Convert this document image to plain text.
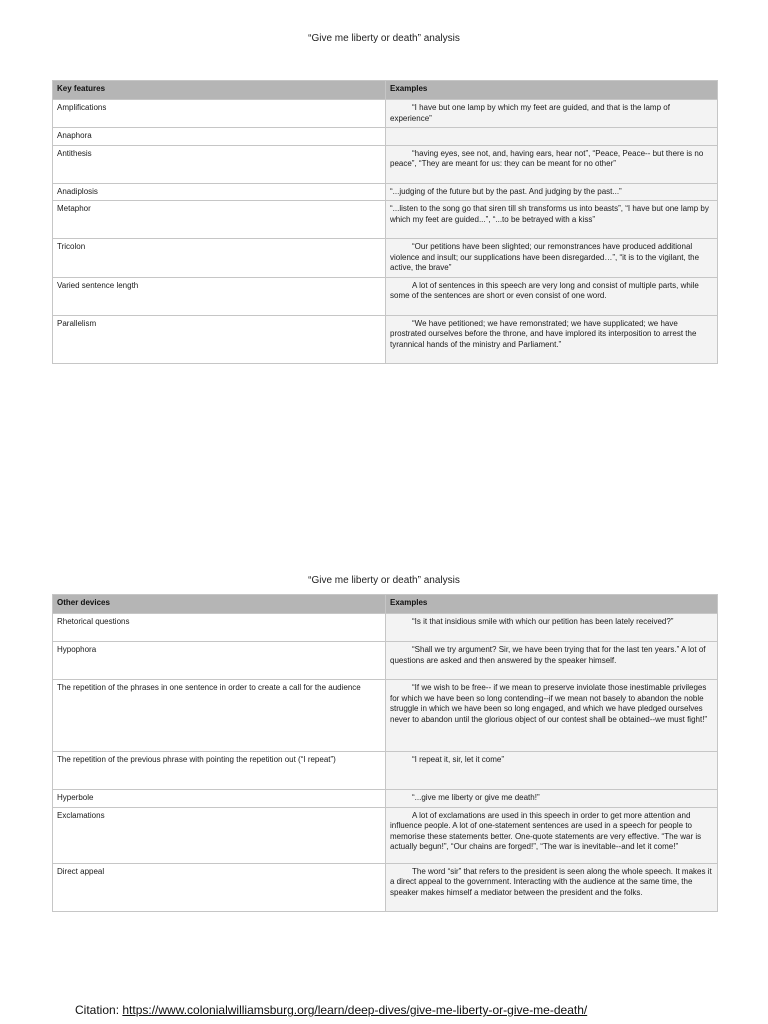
“Give me liberty or death” analysis
Key features	Examples
Amplifications	“I have but one lamp by which my feet are guided, and that is the lamp of experience”

Anaphora	

Antithesis	“having eyes, see not, and, having ears, hear not”, “Peace, Peace-- but there is no peace”, “They are meant for us: they can be meant for no other”

Anadiplosis	“...judging of the future but by the past. And judging by the past...”

Metaphor	“...listen to the song go that siren till sh transforms us into beasts”, “I have but one lamp by which my feet are guided...”, “...to be betrayed with a kiss”

Tricolon	“Our petitions have been slighted; our remonstrances have produced additional violence and insult; our supplications have been disregarded…”, “it is to the vigilant, the active, the brave”

Varied sentence length	A lot of sentences in this speech are very long and consist of multiple parts, while some of the sentences are short or even consist of one word.

Parallelism	“We have petitioned; we have remonstrated; we have supplicated; we have prostrated ourselves before the throne, and have implored its interposition to arrest the tyrannical hands of the ministry and Parliament.”
“Give me liberty or death” analysis
Other devices	Examples
Rhetorical questions	“Is it that insidious smile with which our petition has been lately received?”

Hypophora	“Shall we try argument? Sir, we have been trying that for the last ten years.” A lot of questions are asked and then answered by the speaker himself.

The repetition of the phrases in one sentence in order to create a call for the audience	“If we wish to be free-- if we mean to preserve inviolate those inestimable privileges for which we have been so long contending--if we mean not basely to abandon the noble struggle in which we have been so long engaged, and which we have pledged ourselves never to abandon until the glorious object of our contest shall be obtained--we must fight!”

The repetition of the previous phrase with pointing the repetition out (“I repeat”)	“I repeat it, sir, let it come”

Hyperbole	“...give me liberty or give me death!”

Exclamations	A lot of exclamations are used in this speech in order to get more attention and influence people. A lot of one-statement sentences are used in a speech for people to memorise these statements better. One-quote statements are very effective. “The war is actually begun!”, “Our chains are forged!”, “The war is inevitable--and let it come!”

Direct appeal	The word “sir” that refers to the president is seen along the whole speech. It makes it a direct appeal to the government. Interacting with the audience at the same time, the speaker makes himself a mediator between the president and the folks.
Citation: https://www.colonialwilliamsburg.org/learn/deep-dives/give-me-liberty-or-give-me-death/
